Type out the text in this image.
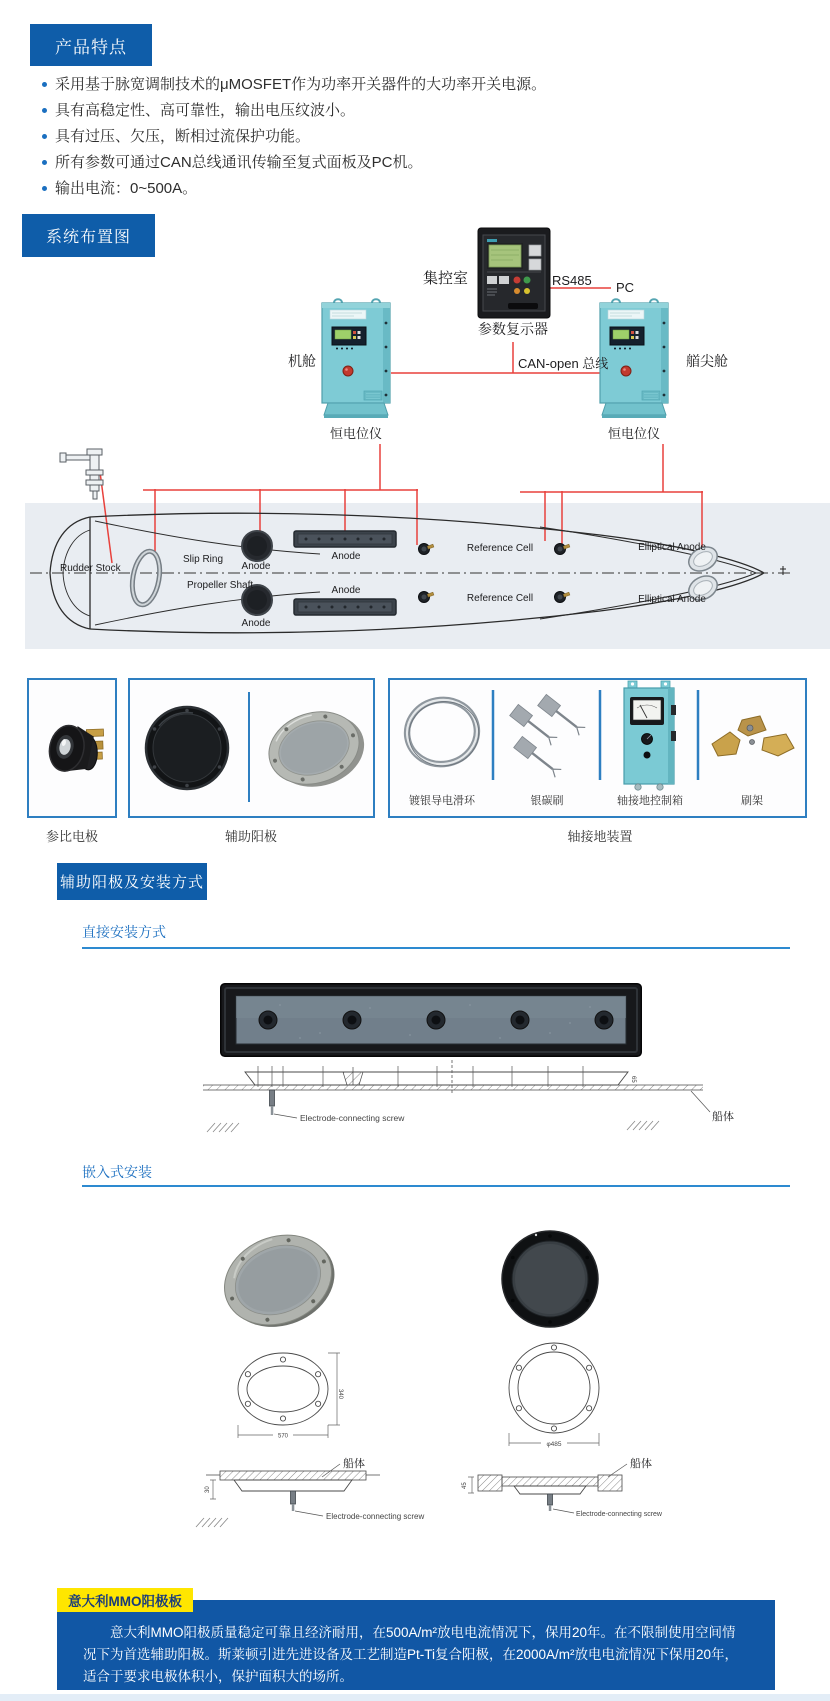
产品特点
采用基于脉宽调制技术的μMOSFET作为功率开关器件的大功率开关电源。
具有高稳定性、高可靠性，输出电压纹波小。
具有过压、欠压，断相过流保护功能。
所有参数可通过CAN总线通讯传输至复式面板及PC机。
输出电流：0~500A。
系统布置图
集控室	RS485 PC
参数复示器
机舱	艏尖舱
CAN-open 总线
恒电位仪	恒电位仪
Rudder Stock
Slip Ring
Propeller Shaft
Anode
Anode
Anode
Anode
Reference Cell
Reference Cell
Elliptical Anode
Elliptical Anode
镀银导电滑环	银碳刷	轴接地控制箱	刷架
参比电极	辅助阳极	轴接地装置
辅助阳极及安装方式
直接安装方式
65
Electrode-connecting screw	船体
嵌入式安装
340
570
φ485
30
Electrode-connecting screw
船体
45
Electrode-connecting screw
船体

意大利MMO阳极质量稳定可靠且经济耐用，在500A/m²放电电流情况下，保用20年。在不限制使用空间情况下为首选辅助阳极。斯莱顿引进先进设备及工艺制造Pt-Ti复合阳极，在2000A/m²放电电流情况下保用20年，适合于要求电极体积小，保护面积大的场所。

意大利MMO阳极板
